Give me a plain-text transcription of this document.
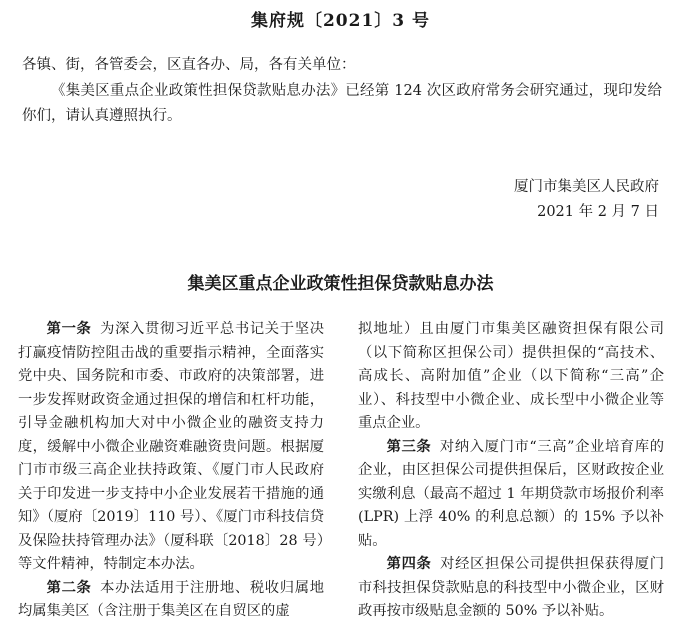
集府规〔2021〕3 号
各镇、街，各管委会，区直各办、局，各有关单位：
《集美区重点企业政策性担保贷款贴息办法》已经第 124 次区政府常务会研究通过，现印发给你们，请认真遵照执行。
厦门市集美区人民政府
2021 年 2 月 7 日
集美区重点企业政策性担保贷款贴息办法

第一条 为深入贯彻习近平总书记关于坚决打赢疫情防控阻击战的重要指示精神，全面落实党中央、国务院和市委、市政府的决策部署，进一步发挥财政资金通过担保的增信和杠杆功能，引导金融机构加大对中小微企业的融资支持力度，缓解中小微企业融资难融资贵问题。根据厦门市市级三高企业扶持政策、《厦门市人民政府关于印发进一步支持中小企业发展若干措施的通知》（厦府〔2019〕110 号）、《厦门市科技信贷及保险扶持管理办法》（厦科联〔2018〕28 号）等文件精神，特制定本办法。

第二条 本办法适用于注册地、税收归属地均属集美区（含注册于集美区在自贸区的虚

拟地址）且由厦门市集美区融资担保有限公司（以下简称区担保公司）提供担保的“高技术、高成长、高附加值”企业（以下简称“三高”企业）、科技型中小微企业、成长型中小微企业等重点企业。

第三条 对纳入厦门市“三高”企业培育库的企业，由区担保公司提供担保后，区财政按企业实缴利息（最高不超过 1 年期贷款市场报价利率 (LPR) 上浮 40% 的利息总额）的 15% 予以补贴。

第四条 对经区担保公司提供担保获得厦门市科技担保贷款贴息的科技型中小微企业，区财政再按市级贴息金额的 50% 予以补贴。
